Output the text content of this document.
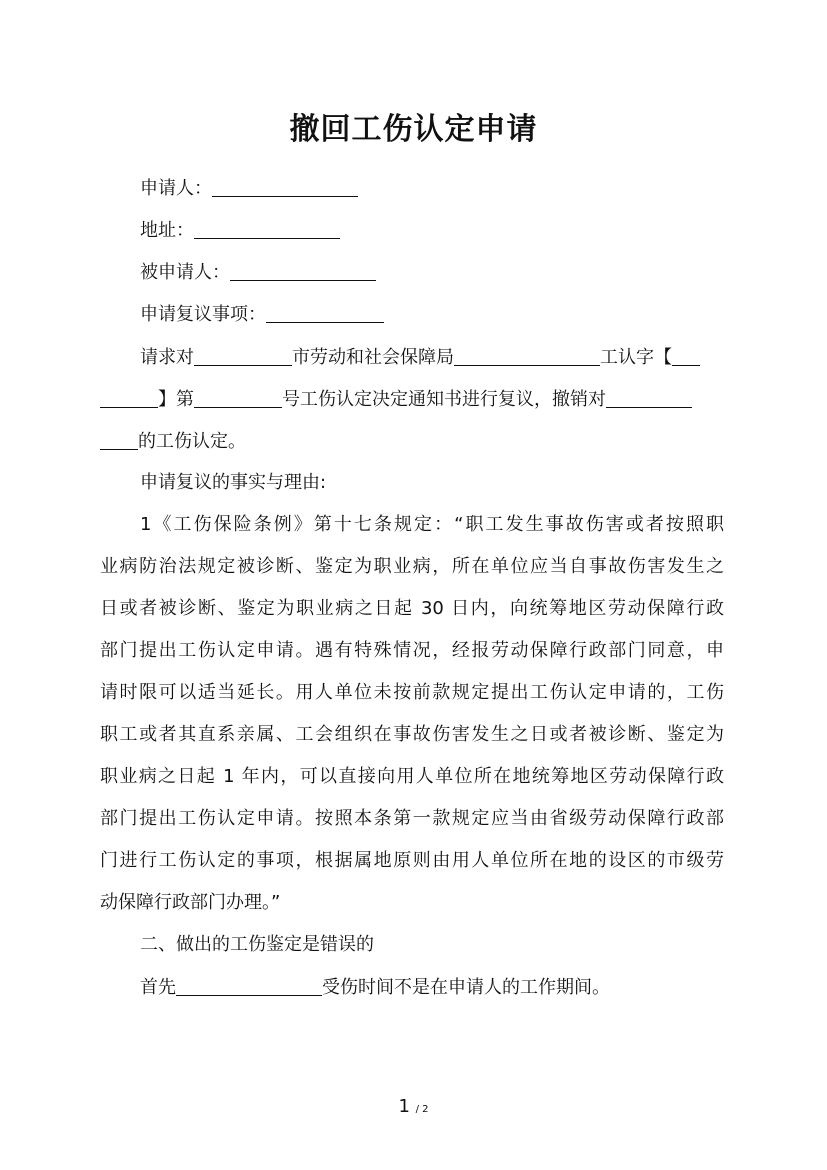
撤回工伤认定申请
申请人：
地址：
被申请人：
申请复议事项：
请求对	市劳动和社会保障局	工认字【
】第	号工伤认定决定通知书进行复议，撤销对
的工伤认定。
申请复议的事实与理由:
1《工伤保险条例》第十七条规定：“职工发生事故伤害或者按照职
业病防治法规定被诊断、鉴定为职业病，所在单位应当自事故伤害发生之
日或者被诊断、鉴定为职业病之日起 30 日内，向统筹地区劳动保障行政
部门提出工伤认定申请。遇有特殊情况，经报劳动保障行政部门同意，申
请时限可以适当延长。用人单位未按前款规定提出工伤认定申请的，工伤
职工或者其直系亲属、工会组织在事故伤害发生之日或者被诊断、鉴定为
职业病之日起 1 年内，可以直接向用人单位所在地统筹地区劳动保障行政
部门提出工伤认定申请。按照本条第一款规定应当由省级劳动保障行政部
门进行工伤认定的事项，根据属地原则由用人单位所在地的设区的市级劳
动保障行政部门办理。”
二、做出的工伤鉴定是错误的
首先	受伤时间不是在申请人的工作期间。
1 / 2
